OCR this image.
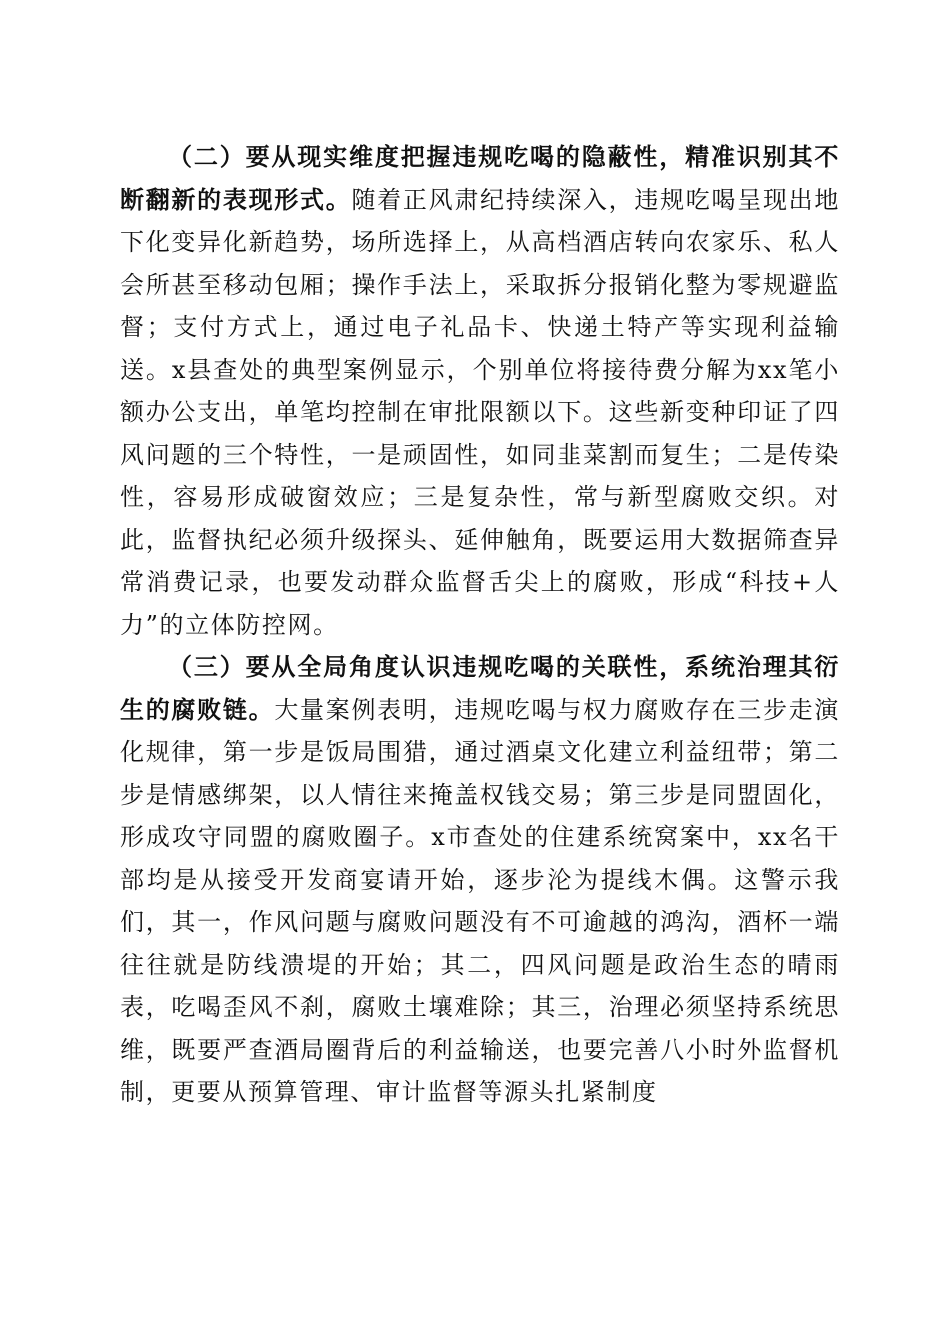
（二）要从现实维度把握违规吃喝的隐蔽性，精准识别其不断翻新的表现形式。随着正风肃纪持续深入，违规吃喝呈现出地下化变异化新趋势，场所选择上，从高档酒店转向农家乐、私人会所甚至移动包厢；操作手法上，采取拆分报销化整为零规避监督；支付方式上，通过电子礼品卡、快递土特产等实现利益输送。x县查处的典型案例显示，个别单位将接待费分解为xx笔小额办公支出，单笔均控制在审批限额以下。这些新变种印证了四风问题的三个特性，一是顽固性，如同韭菜割而复生；二是传染性，容易形成破窗效应；三是复杂性，常与新型腐败交织。对此，监督执纪必须升级探头、延伸触角，既要运用大数据筛查异常消费记录，也要发动群众监督舌尖上的腐败，形成“科技+人力”的立体防控网。

（三）要从全局角度认识违规吃喝的关联性，系统治理其衍生的腐败链。大量案例表明，违规吃喝与权力腐败存在三步走演化规律，第一步是饭局围猎，通过酒桌文化建立利益纽带；第二步是情感绑架，以人情往来掩盖权钱交易；第三步是同盟固化，形成攻守同盟的腐败圈子。x市查处的住建系统窝案中，xx名干部均是从接受开发商宴请开始，逐步沦为提线木偶。这警示我们，其一，作风问题与腐败问题没有不可逾越的鸿沟，酒杯一端往往就是防线溃堤的开始；其二，四风问题是政治生态的晴雨表，吃喝歪风不刹，腐败土壤难除；其三，治理必须坚持系统思维，既要严查酒局圈背后的利益输送，也要完善八小时外监督机制，更要从预算管理、审计监督等源头扎紧制度
